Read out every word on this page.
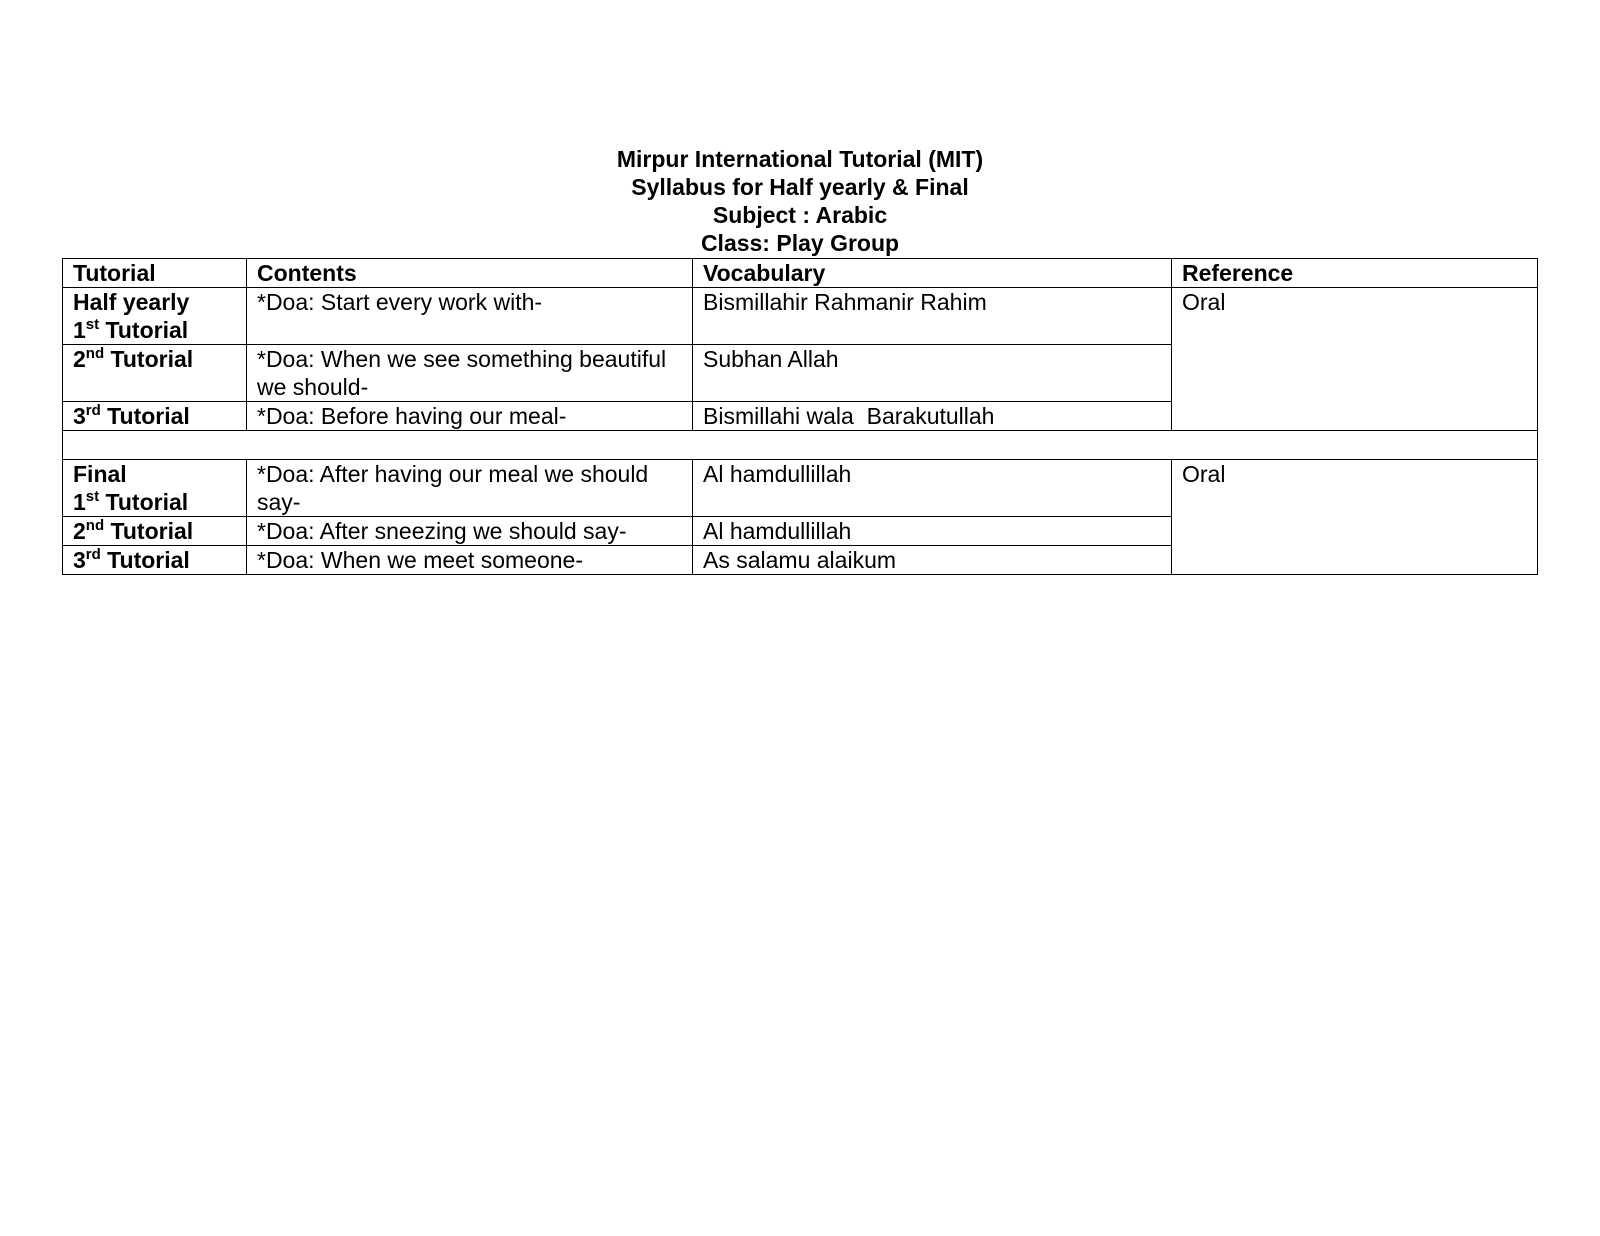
Mirpur International Tutorial (MIT)
Syllabus for Half yearly & Final
Subject : Arabic
Class: Play Group
Tutorial	Contents	Vocabulary	Reference

Half yearly
1st Tutorial	*Doa: Start every work with-	Bismillahir Rahmanir Rahim	Oral

2nd Tutorial	*Doa: When we see something beautiful we should-	Subhan Allah	

3rd Tutorial	*Doa: Before having our meal-	Bismillahi wala  Barakutullah	

Final
1st Tutorial	*Doa: After having our meal we should say-	Al hamdullillah	Oral

2nd Tutorial	*Doa: After sneezing we should say-	Al hamdullillah	

3rd Tutorial	*Doa: When we meet someone-	As salamu alaikum	
